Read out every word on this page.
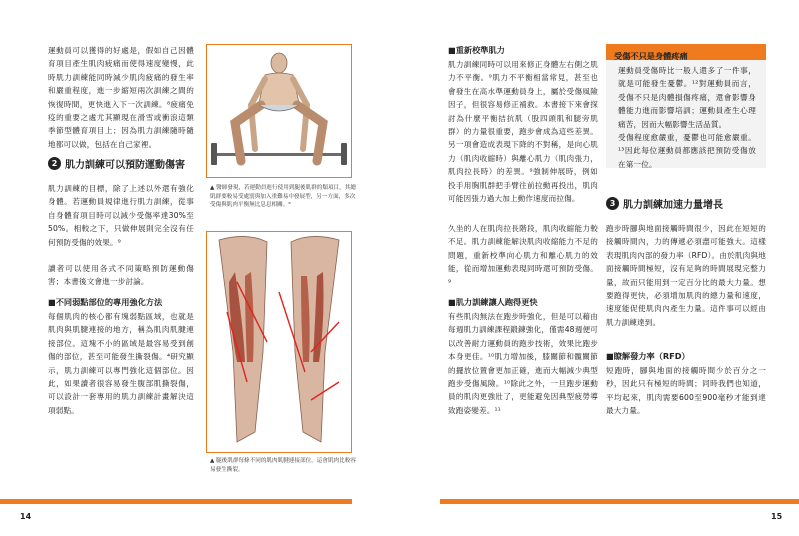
運動員可以獲得的好處是，假如自己因體育項目產生肌肉疲痛而使得速度變慢，此時肌力訓練能同時減少肌肉疲痛的發生率和嚴重程度，進一步縮短兩次訓練之間的恢復時間，更快進入下一次訓練。⁸疲痛免疫的重要之處尤其顯現在滑雪或衝浪這類季節型體育項目上；因為肌力訓練隨時隨地都可以做，包括在自己家裡。

2 肌力訓練可以預防運動傷害

肌力訓練的目標，除了上述以外還有強化身體。若運動員規律進行肌力訓練，從事自身體育項目時可以減少受傷率達30%至50%。相較之下，只做伸展則完全沒有任何預防受傷的效果。⁹

讀者可以使用各式不同策略預防運動傷害；本書後文會進一步討論。

■不同弱點部位的專用強化方法

每個肌肉的核心都有塊弱點區域，也就是肌肉與肌腱連接的地方，稱為肌肉肌腱連接部位。這塊不小的區域是最容易受到創傷的部位，甚至可能發生撕裂傷。⁴研究顯示，肌力訓練可以專門強化這個部位。因此，如果讀者很容易發生腹部肌撕裂傷，可以設計一套專用的肌力訓練計畫解決這項弱點。

▲ 醫師發現，若運動員進行使用到腿後肌群的類項目，其總肌群要較易受處罰與加入重難易中發展型，另一方面，多次受傷與肌肉平衡無比息息相關。⁸
▲ 腿後肌群每條不同的肌肉肌腱連接部位，這會肌肉比較容易發生撕裂。
14

■重新校準肌力

肌力訓練同時可以用來修正身體左右側之肌力不平衡。⁹肌力不平衡相當常見，甚至也會發生在高水準運動員身上，屬於受傷風險因子，但很容易修正補救。本書接下來會探討為什麼平衡拮抗肌（股四頭肌和腿旁肌群）的力量很重要，跑步會成為這些差異。另一項會造成表現下降的不對稱，是向心肌力（肌肉收縮時）與離心肌力（肌肉張力，肌肉拉長時）的差異。⁹強制伸展時，例如投手用胸肌群把手臂往前拉動再投出，肌肉可能因張力過大加上動作速度而拉傷。

久坐的人在肌肉拉長階段，肌肉收縮能力較不足。肌力訓練能解決肌肉收縮能力不足的問題，重新校準向心肌力和離心肌力的效能，從而增加運動表現同時還可預防受傷。⁹

■肌力訓練讓人跑得更快

有些肌肉無法在跑步時強化，但是可以藉由每週肌力訓練課程鍛鍊強化，僅需48週便可以改善耐力運動員的跑步技術，效果比跑步本身更佳。¹⁰肌力增加後，膝關節和髖關節的擺放位置會更加正確，進而大幅減少典型跑步受傷風險。¹⁰除此之外，一旦跑步運動員的肌肉更強壯了，更能避免因典型疲勞導致跑姿變差。¹¹

受傷不只是身體疼痛

運動員受傷時比一般人還多了一件事，就是可能發生憂鬱。¹²對運動員而言，受傷不只是肉體損傷疼痛，還會影響身體能力進而影響培訓；運動員產生心理痛苦，因而大幅影響生活品質。

受傷程度愈嚴重，憂鬱也可能愈嚴重。¹³因此每位運動員都應該把預防受傷放在第一位。

3 肌力訓練加速力量增長

跑步時腳與地面接觸時間很少，因此在短短的接觸時間內，力的傳遞必須盡可能強大。這樣表現肌肉內部的發力率（RFD）。由於肌肉與地面接觸時間極短，沒有足夠的時間展現完整力量，故而只能用到一定百分比的最大力量。想要跑得更快，必須增加肌肉的總力量和速度，速度能促使肌肉內產生力量。這件事可以經由肌力訓練達到。

■瞭解發力率（RFD）

短跑時，腳與地面的接觸時間少於百分之一秒，因此只有極短的時間；同時我們也知道，平均起來，肌肉需要600至900毫秒才能到達最大力量。

15
